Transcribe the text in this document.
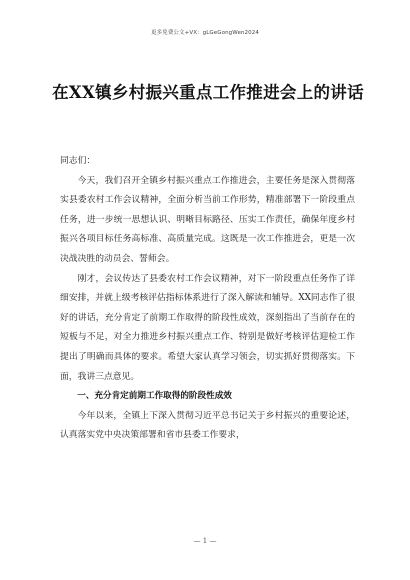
更多免费公文+VX：gLGeGongWen2024
在XX镇乡村振兴重点工作推进会上的讲话

同志们：

今天，我们召开全镇乡村振兴重点工作推进会，主要任务是深入贯彻落实县委农村工作会议精神，全面分析当前工作形势，精准部署下一阶段重点任务，进一步统一思想认识、明晰目标路径、压实工作责任，确保年度乡村振兴各项目标任务高标准、高质量完成。这既是一次工作推进会，更是一次决战决胜的动员会、誓师会。

刚才，会议传达了县委农村工作会议精神，对下一阶段重点任务作了详细安排，并就上级考核评估指标体系进行了深入解读和辅导。XX同志作了很好的讲话，充分肯定了前期工作取得的阶段性成效，深刻指出了当前存在的短板与不足，对全力推进乡村振兴重点工作、特别是做好考核评估迎检工作提出了明确而具体的要求。希望大家认真学习领会，切实抓好贯彻落实。下面，我讲三点意见。

一、充分肯定前期工作取得的阶段性成效

今年以来，全镇上下深入贯彻习近平总书记关于乡村振兴的重要论述，认真落实党中央决策部署和省市县委工作要求，

— 1 —
